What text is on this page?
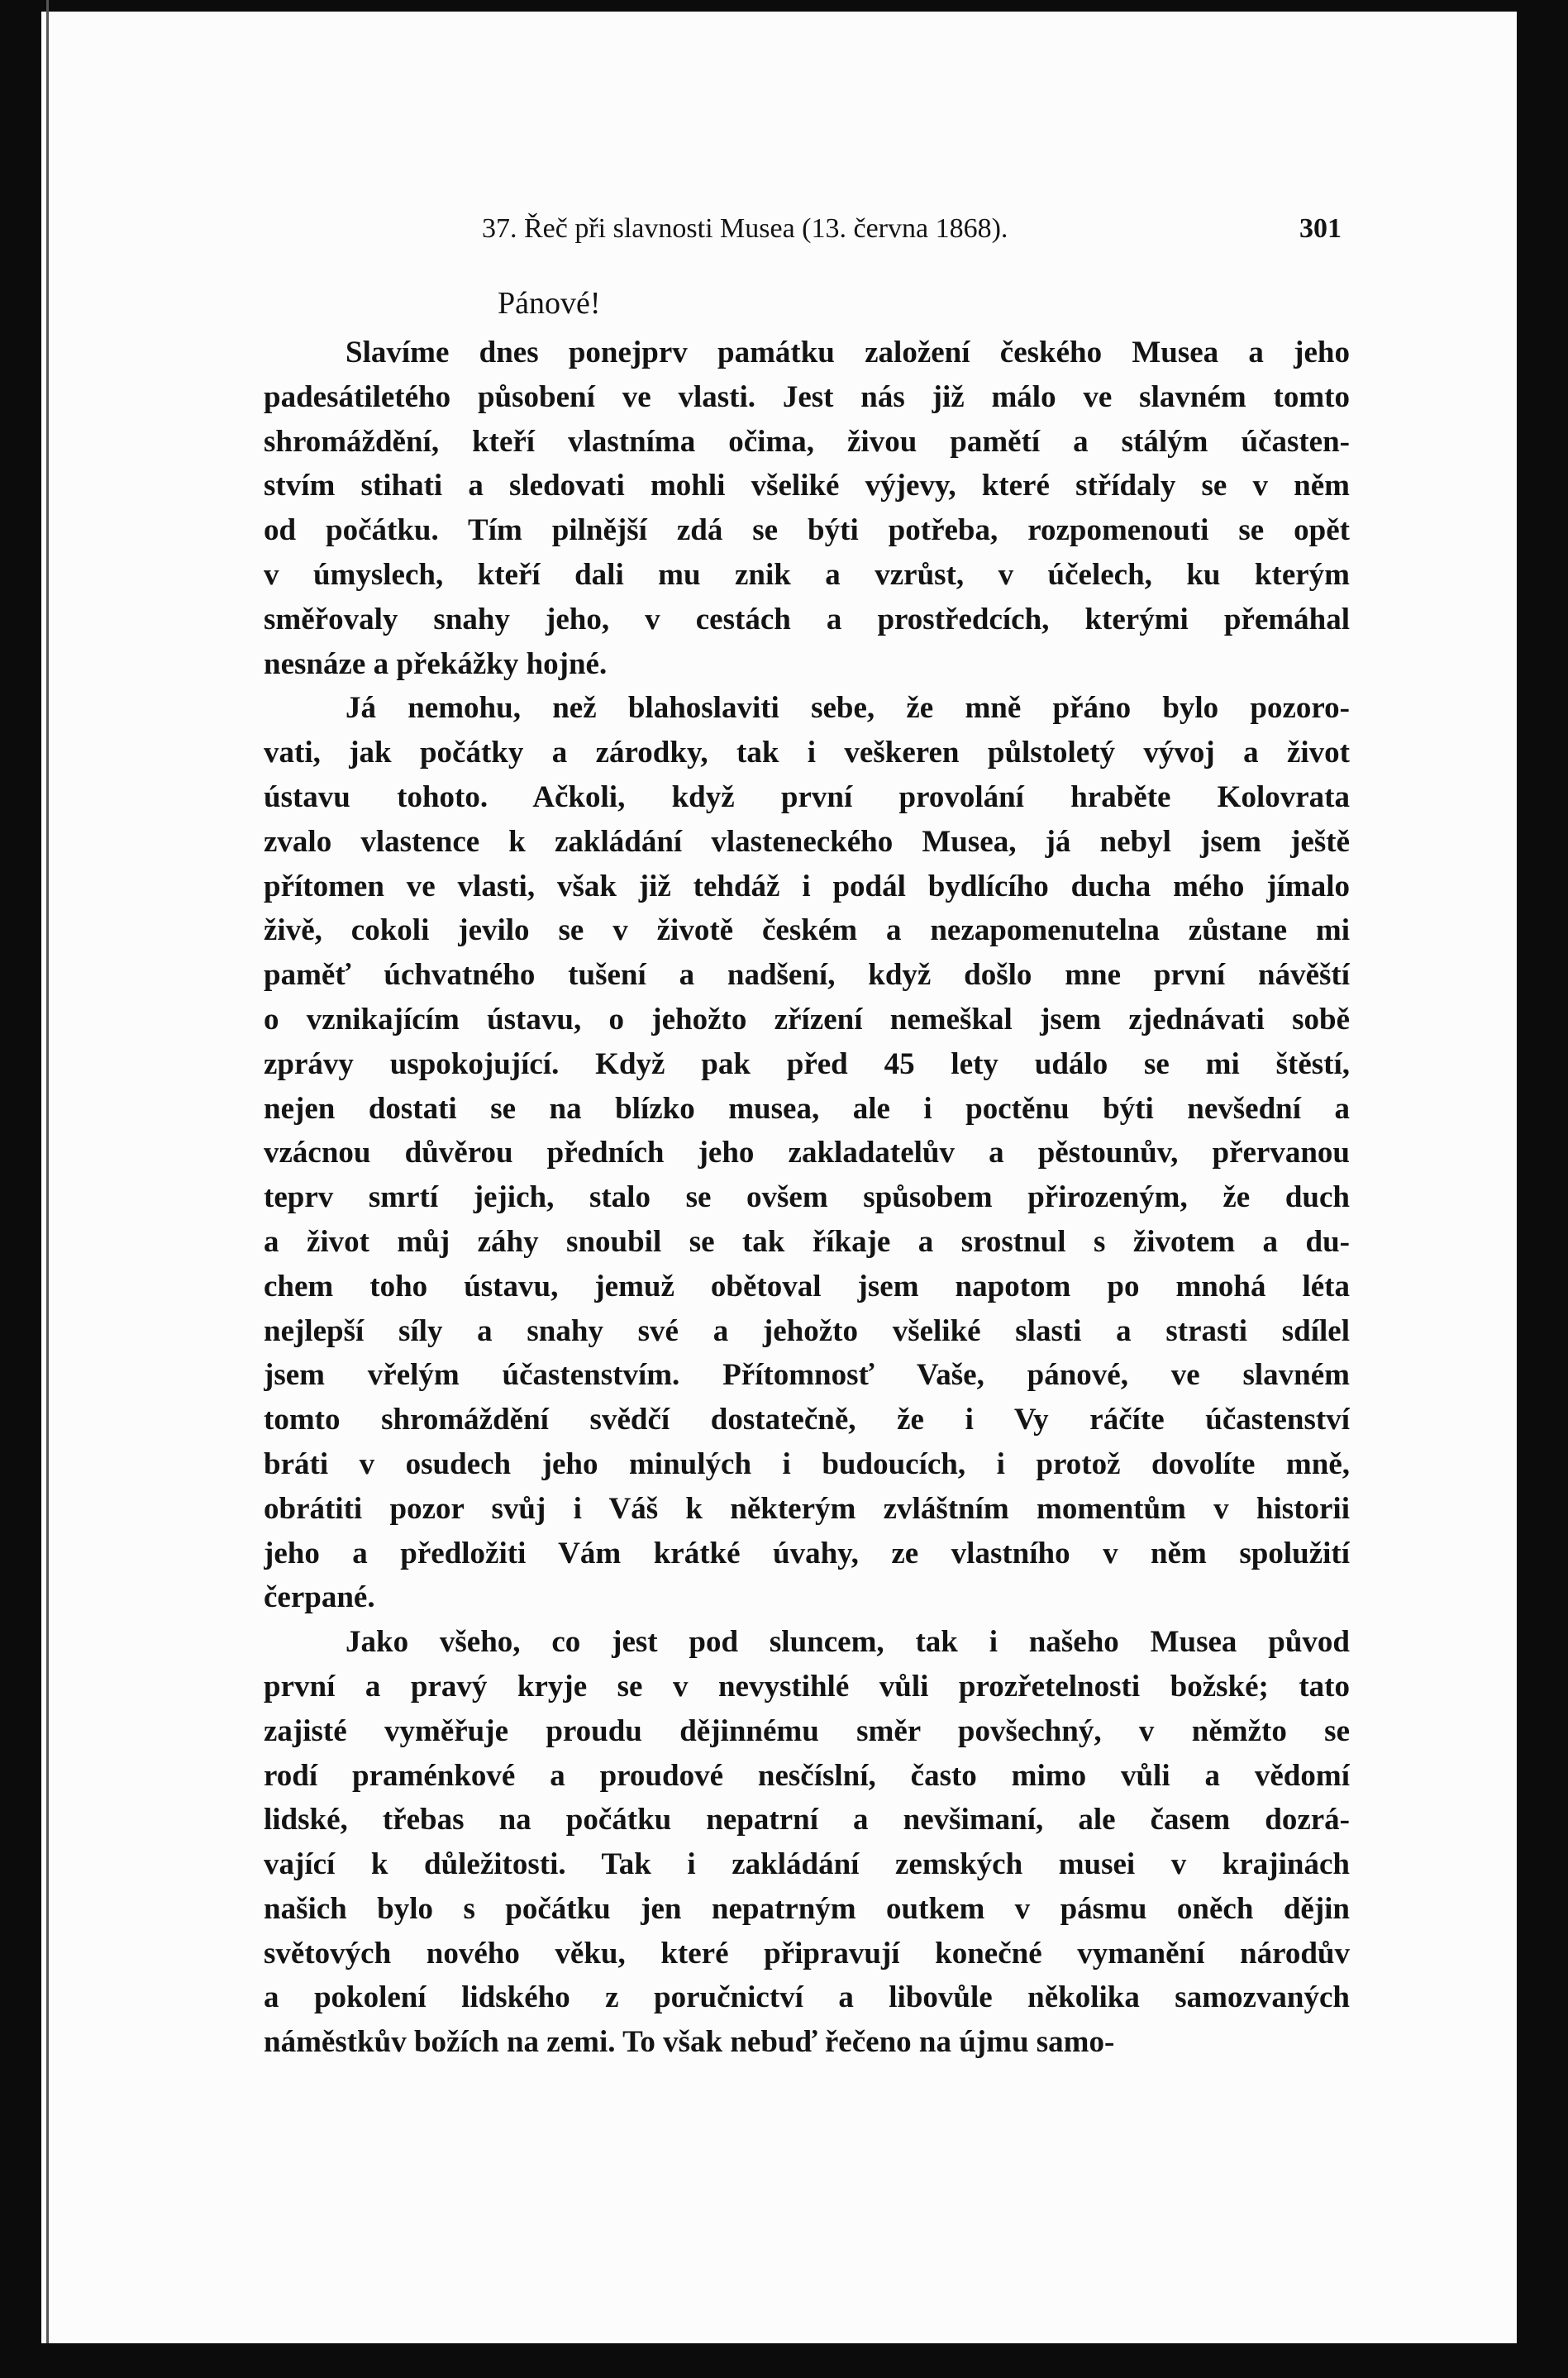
37. Řeč při slavnosti Musea (13. června 1868).	301
Pánové!
Slavíme dnes ponejprv památku založení českého Musea a jeho
padesátiletého působení ve vlasti. Jest nás již málo ve slavném tomto
shromáždění, kteří vlastníma očima, živou pamětí a stálým účasten-
stvím stihati a sledovati mohli všeliké výjevy, které střídaly se v něm
od počátku. Tím pilnější zdá se býti potřeba, rozpomenouti se opět
v úmyslech, kteří dali mu znik a vzrůst, v účelech, ku kterým
směřovaly snahy jeho, v cestách a prostředcích, kterými přemáhal
nesnáze a překážky hojné.
Já nemohu, než blahoslaviti sebe, že mně přáno bylo pozoro-
vati, jak počátky a zárodky, tak i veškeren půlstoletý vývoj a život
ústavu tohoto. Ačkoli, když první provolání hraběte Kolovrata
zvalo vlastence k zakládání vlasteneckého Musea, já nebyl jsem ještě
přítomen ve vlasti, však již tehdáž i podál bydlícího ducha mého jímalo
živě, cokoli jevilo se v životě českém a nezapomenutelna zůstane mi
paměť úchvatného tušení a nadšení, když došlo mne první návěští
o vznikajícím ústavu, o jehožto zřízení nemeškal jsem zjednávati sobě
zprávy uspokojující. Když pak před 45 lety událo se mi štěstí,
nejen dostati se na blízko musea, ale i poctěnu býti nevšední a
vzácnou důvěrou předních jeho zakladatelův a pěstounův, přervanou
teprv smrtí jejich, stalo se ovšem spůsobem přirozeným, že duch
a život můj záhy snoubil se tak říkaje a srostnul s životem a du-
chem toho ústavu, jemuž obětoval jsem napotom po mnohá léta
nejlepší síly a snahy své a jehožto všeliké slasti a strasti sdílel
jsem vřelým účastenstvím. Přítomnosť Vaše, pánové, ve slavném
tomto shromáždění svědčí dostatečně, že i Vy ráčíte účastenství
bráti v osudech jeho minulých i budoucích, i protož dovolíte mně,
obrátiti pozor svůj i Váš k některým zvláštním momentům v historii
jeho a předložiti Vám krátké úvahy, ze vlastního v něm spolužití
čerpané.
Jako všeho, co jest pod sluncem, tak i našeho Musea původ
první a pravý kryje se v nevystihlé vůli prozřetelnosti božské; tato
zajisté vyměřuje proudu dějinnému směr povšechný, v němžto se
rodí praménkové a proudové nesčíslní, často mimo vůli a vědomí
lidské, třebas na počátku nepatrní a nevšimaní, ale časem dozrá-
vající k důležitosti. Tak i zakládání zemských musei v krajinách
našich bylo s počátku jen nepatrným outkem v pásmu oněch dějin
světových nového věku, které připravují konečné vymanění národův
a pokolení lidského z poručnictví a libovůle několika samozvaných
náměstkův božích na zemi. To však nebuď řečeno na újmu samo-
